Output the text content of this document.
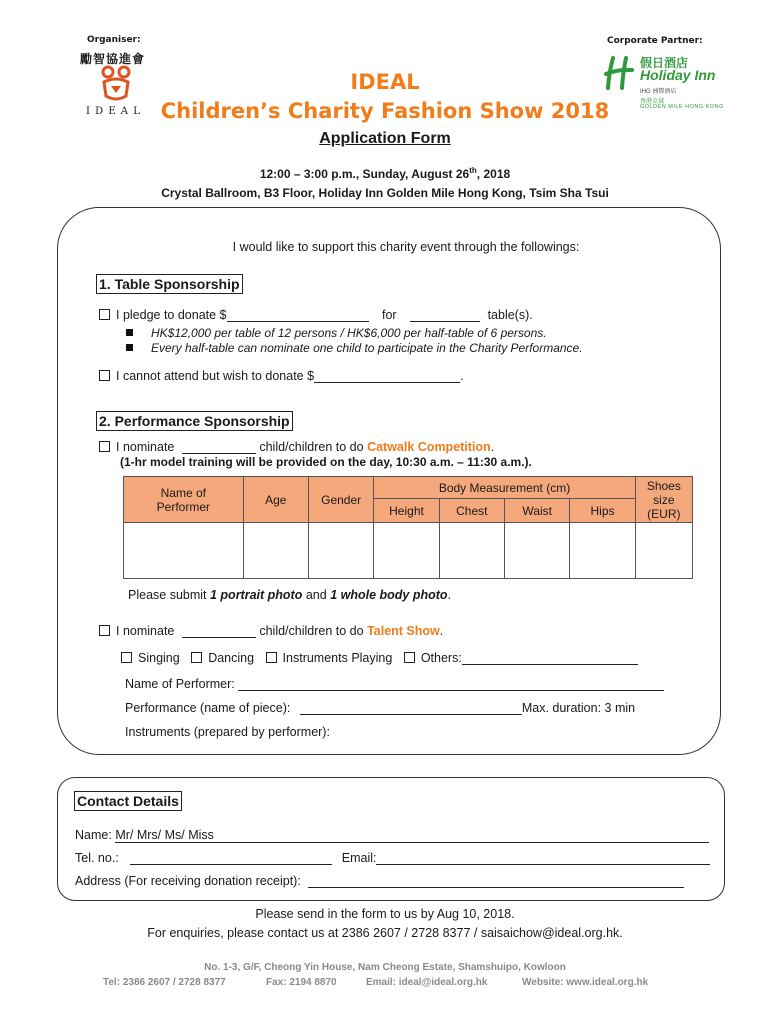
Organiser:
勵智協進會
I D E A L
Corporate Partner:
假日酒店
Holiday Inn
IHG 洲際酒店
香港金域
GOLDEN MILE HONG KONG
IDEAL
Children’s Charity Fashion Show 2018
Application Form
12:00 – 3:00 p.m., Sunday, August 26th, 2018
Crystal Ballroom, B3 Floor, Holiday Inn Golden Mile Hong Kong, Tsim Sha Tsui
I would like to support this charity event through the followings:
1. Table Sponsorship
I pledge to donate $	for	table(s).
HK$12,000 per table of 12 persons / HK$6,000 per half-table of 6 persons.
Every half-table can nominate one child to participate in the Charity Performance.
I cannot attend but wish to donate $	.
2. Performance Sponsorship
I nominate	child/children to do Catwalk Competition.
(1-hr model training will be provided on the day, 10:30 a.m. – 11:30 a.m.).
Name of Performer	Age	Gender	Body Measurement (cm)				Shoes size (EUR)

			Height	Chest	Waist	Hips	

Please submit 1 portrait photo and 1 whole body photo.
I nominate	child/children to do Talent Show.
Singing Dancing Instruments Playing Others:
Name of Performer:
Performance (name of piece):	Max. duration: 3 min
Instruments (prepared by performer):
Contact Details
Name: Mr/ Mrs/ Ms/ Miss
Tel. no.:	Email:
Address (For receiving donation receipt):
Please send in the form to us by Aug 10, 2018.
For enquiries, please contact us at 2386 2607 / 2728 8377 / saisaichow@ideal.org.hk.
No. 1-3, G/F, Cheong Yin House, Nam Cheong Estate, Shamshuipo, Kowloon
Tel: 2386 2607 / 2728 8377	Fax: 2194 8870	Email: ideal@ideal.org.hk	Website: www.ideal.org.hk
